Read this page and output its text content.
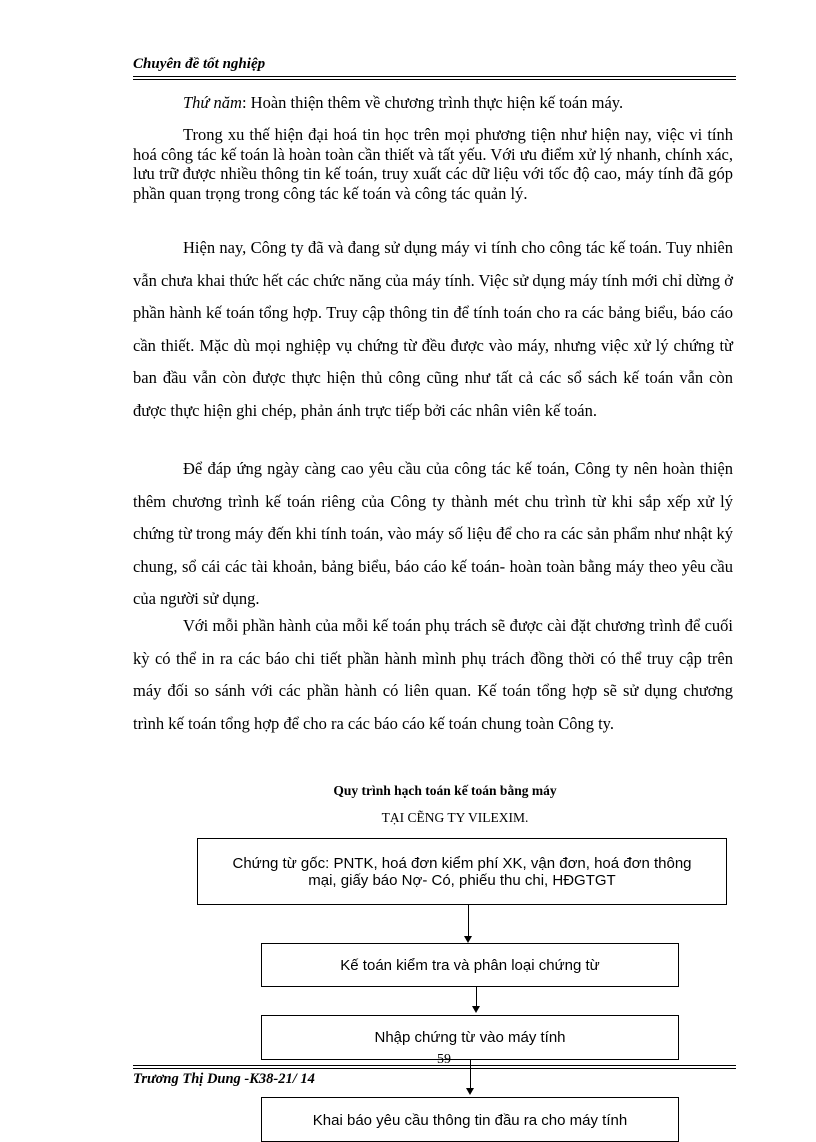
Chuyên đề tốt nghiệp

Thứ năm: Hoàn thiện thêm về chương trình thực hiện kế toán máy.

Trong xu thế hiện đại hoá tin học trên mọi phương tiện như hiện nay, việc vi tính hoá công tác kế toán là hoàn toàn cần thiết và tất yếu. Với ưu điểm xử lý nhanh, chính xác, lưu trữ được nhiều thông tin kế toán, truy xuất các dữ liệu với tốc độ cao, máy tính đã góp phần quan trọng trong công tác kế toán và công tác quản lý.

Hiện nay, Công ty đã và đang sử dụng máy vi tính cho công tác kế toán. Tuy nhiên vẫn chưa khai thức hết các chức năng của máy tính. Việc sử dụng máy tính mới chỉ dừng ở phần hành kế toán tổng hợp. Truy cập thông tin để tính toán cho ra các bảng biểu, báo cáo cần thiết. Mặc dù mọi nghiệp vụ chứng từ đều được vào máy, nhưng việc xử lý chứng từ ban đầu vẫn còn được thực hiện thủ công cũng như tất cả các sổ sách kế toán vẫn còn được thực hiện ghi chép, phản ánh trực tiếp bởi các nhân viên kế toán.

Để đáp ứng ngày càng cao yêu cầu của công tác kế toán, Công ty nên hoàn thiện thêm chương trình kế toán riêng của Công ty thành mét chu trình từ khi sắp xếp xử lý chứng từ trong máy đến khi tính toán, vào máy số liệu để cho ra các sản phẩm như nhật ký chung, sổ cái các tài khoản, bảng biểu, báo cáo kế toán- hoàn toàn bằng máy theo yêu cầu của người sử dụng.

Với mỗi phần hành của mỗi kế toán phụ trách sẽ được cài đặt chương trình để cuối kỳ có thể in ra các báo chi tiết phần hành mình phụ trách đồng thời có thể truy cập trên máy đối so sánh với các phần hành có liên quan. Kế toán tổng hợp sẽ sử dụng chương trình kế toán tổng hợp để cho ra các báo cáo kế toán chung toàn Công ty.

Quy trình hạch toán kế toán bằng máy
TẠI CẼNG TY VILEXIM.
Chứng từ gốc: PNTK, hoá đơn kiểm phí XK, vận đơn, hoá đơn thông mại, giấy báo Nợ- Có, phiếu thu chi, HĐGTGT
Kế toán kiểm tra và phân loại chứng từ
Nhập chứng từ vào máy tính
Khai báo yêu cầu thông tin đầu ra cho máy tính
59
Trương Thị Dung -K38-21/ 14
